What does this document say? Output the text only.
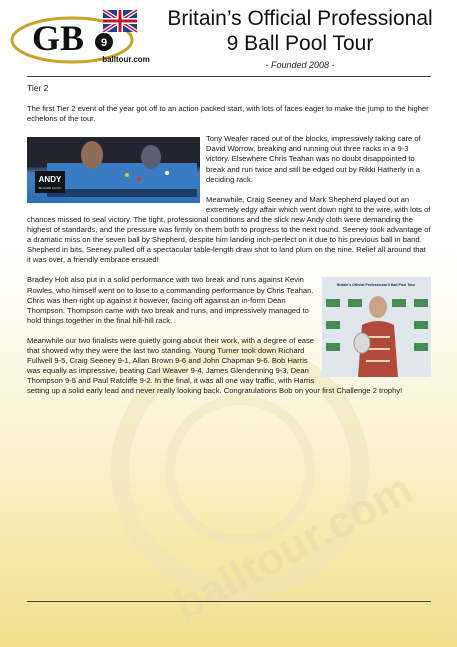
balltour.com
GB 9
balltour.com
Britain’s Official Professional
9 Ball Pool Tour
- Founded 2008 -

Tier 2

The first Tier 2 event of the year got off to an action packed start, with lots of faces eager to make the jump to the higher echelons of the tour.

ANDY
BILLIARD CLOTH

Tony Weafer raced out of the blocks, impressively taking care of David Worrow, breaking and running out three racks in a 9-3 victory. Elsewhere Chris Teahan was no doubt disappointed to break and run twice and still be edged out by Rikki Hatherly in a deciding rack.

Meanwhile, Craig Seeney and Mark Shepherd played out an extremely edgy affair which went down right to the wire, with lots of chances missed to seal victory. The tight, professional conditions and the slick new Andy cloth were demanding the highest of standards, and the pressure was firmly on them both to progress to the next round. Seeney took advantage of a dramatic miss on the seven ball by Shepherd, despite him landing inch-perfect on it due to his previous ball in band. Shepherd in bits, Seeney pulled off a spectacular table-length draw shot to land plum on the nine. Relief all around that it was over, a friendly embrace ensued!

Britain's Official Professional 9 Ball Pool Tour

Bradley Holt also put in a solid performance with two break and runs against Kevin Rowles, who himself went on to lose to a commanding performance by Chris Teahan. Chris was then right up against it however, facing off against an in-form Dean Thompson. Thompson came with two break and runs, and impressively managed to hold things together in the final hill-hill rack.

Meanwhile our two finalists were quietly going about their work, with a degree of ease that showed why they were the last two standing. Young Turner took down Richard Fullwell 9-5, Craig Seeney 9-1, Allan Brown 9-6 and John Chapman 9-6. Bob Harris was equally as impressive, beating Carl Weaver 9-4, James Glendenning 9-3, Dean Thompson 9-5 and Paul Ratcliffe 9-2. In the final, it was all one way traffic, with Harris setting up a solid early lead and never really looking back. Congratulations Bob on your first Challenge 2 trophy!
